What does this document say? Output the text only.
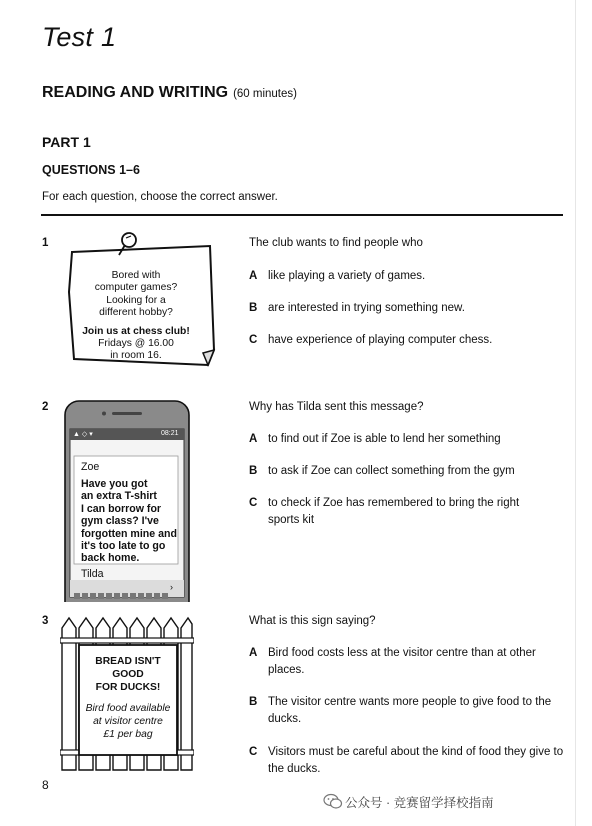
Test 1
READING AND WRITING (60 minutes)
PART 1
QUESTIONS 1–6
For each question, choose the correct answer.
1
Bored with
computer games?
Looking for a
different hobby?
Join us at chess club!
Fridays @ 16.00
in room 16.
The club wants to find people who
A like playing a variety of games.
B are interested in trying something new.
C have experience of playing computer chess.
2
▲ ◇ ▾	08:21
Zoe
Have you got
an extra T-shirt
I can borrow for
gym class? I've
forgotten mine and
it's too late to go
back home.
Tilda
›
Why has Tilda sent this message?
A to find out if Zoe is able to lend her something
B to ask if Zoe can collect something from the gym
C to check if Zoe has remembered to bring the right sports kit
3
BREAD ISN'T
GOOD
FOR DUCKS!
Bird food available
at visitor centre
£1 per bag
What is this sign saying?
A Bird food costs less at the visitor centre than at other places.
B The visitor centre wants more people to give food to the ducks.
C Visitors must be careful about the kind of food they give to the ducks.
8
公众号 · 竞赛留学择校指南
